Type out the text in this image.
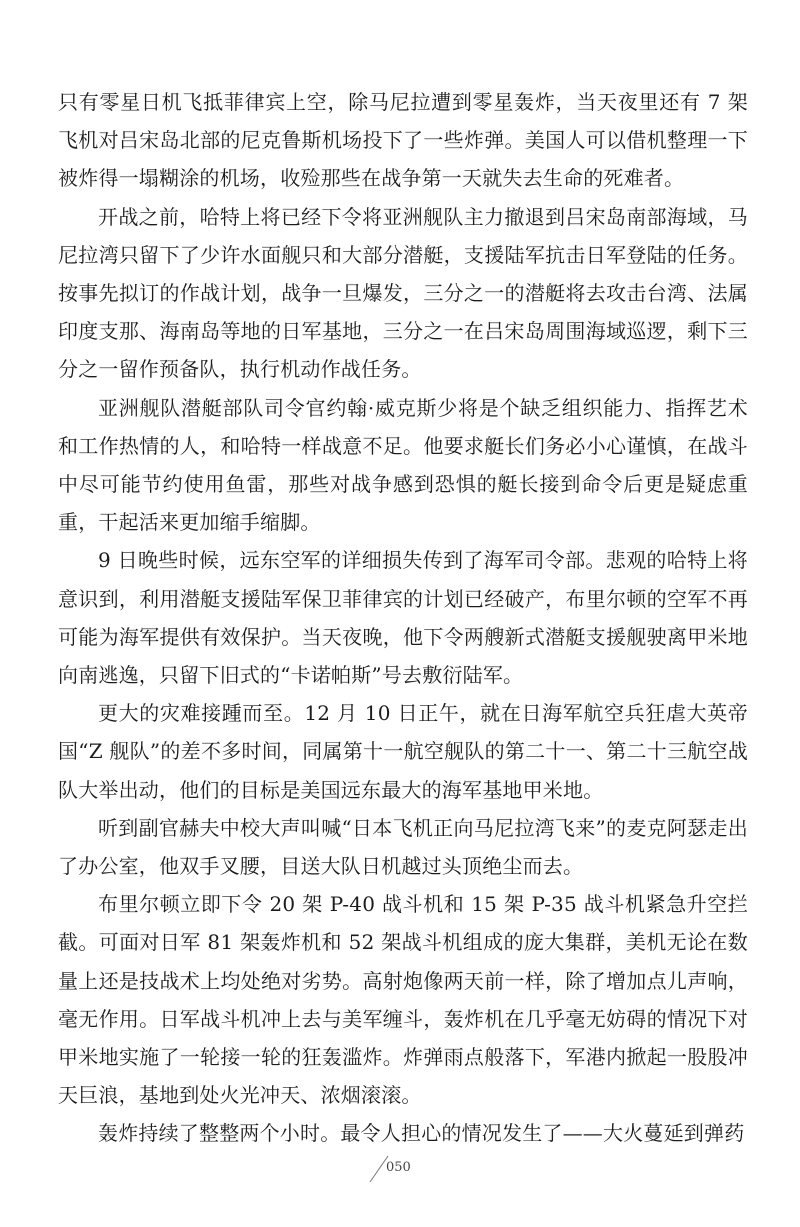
只有零星日机飞抵菲律宾上空，除马尼拉遭到零星轰炸，当天夜里还有 7 架飞机对吕宋岛北部的尼克鲁斯机场投下了一些炸弹。美国人可以借机整理一下被炸得一塌糊涂的机场，收殓那些在战争第一天就失去生命的死难者。

开战之前，哈特上将已经下令将亚洲舰队主力撤退到吕宋岛南部海域，马尼拉湾只留下了少许水面舰只和大部分潜艇，支援陆军抗击日军登陆的任务。按事先拟订的作战计划，战争一旦爆发，三分之一的潜艇将去攻击台湾、法属印度支那、海南岛等地的日军基地，三分之一在吕宋岛周围海域巡逻，剩下三分之一留作预备队，执行机动作战任务。

亚洲舰队潜艇部队司令官约翰·威克斯少将是个缺乏组织能力、指挥艺术和工作热情的人，和哈特一样战意不足。他要求艇长们务必小心谨慎，在战斗中尽可能节约使用鱼雷，那些对战争感到恐惧的艇长接到命令后更是疑虑重重，干起活来更加缩手缩脚。

9 日晚些时候，远东空军的详细损失传到了海军司令部。悲观的哈特上将意识到，利用潜艇支援陆军保卫菲律宾的计划已经破产，布里尔顿的空军不再可能为海军提供有效保护。当天夜晚，他下令两艘新式潜艇支援舰驶离甲米地向南逃逸，只留下旧式的“卡诺帕斯”号去敷衍陆军。

更大的灾难接踵而至。12 月 10 日正午，就在日海军航空兵狂虐大英帝国“Z 舰队”的差不多时间，同属第十一航空舰队的第二十一、第二十三航空战队大举出动，他们的目标是美国远东最大的海军基地甲米地。

听到副官赫夫中校大声叫喊“日本飞机正向马尼拉湾飞来”的麦克阿瑟走出了办公室，他双手叉腰，目送大队日机越过头顶绝尘而去。

布里尔顿立即下令 20 架 P-40 战斗机和 15 架 P-35 战斗机紧急升空拦截。可面对日军 81 架轰炸机和 52 架战斗机组成的庞大集群，美机无论在数量上还是技战术上均处绝对劣势。高射炮像两天前一样，除了增加点儿声响，毫无作用。日军战斗机冲上去与美军缠斗，轰炸机在几乎毫无妨碍的情况下对甲米地实施了一轮接一轮的狂轰滥炸。炸弹雨点般落下，军港内掀起一股股冲天巨浪，基地到处火光冲天、浓烟滚滚。

轰炸持续了整整两个小时。最令人担心的情况发生了——大火蔓延到弹药

050
